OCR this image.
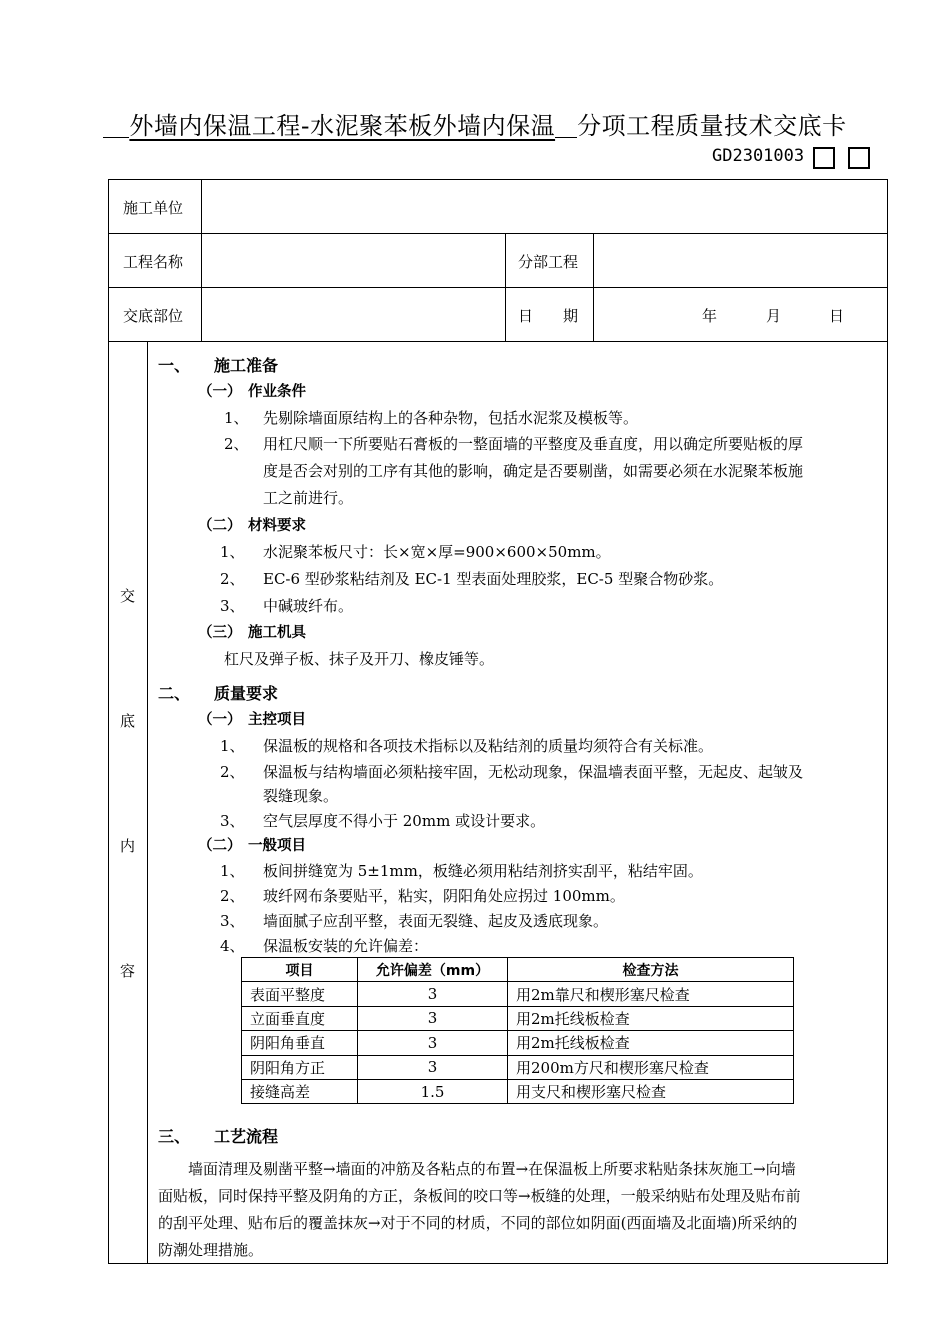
外墙内保温工程-水泥聚苯板外墙内保温 分项工程质量技术交底卡
GD2301003
施工单位
工程名称	分部工程
交底部位	日　　期	年	月	日
交
底
内
容
一、 施工准备
（一） 作业条件
1、 先剔除墙面原结构上的各种杂物，包括水泥浆及模板等。
2、 用杠尺顺一下所要贴石膏板的一整面墙的平整度及垂直度，用以确定所要贴板的厚
度是否会对别的工序有其他的影响，确定是否要剔凿，如需要必须在水泥聚苯板施
工之前进行。
（二） 材料要求
1、 水泥聚苯板尺寸：长×宽×厚=900×600×50mm。
2、 EC-6 型砂浆粘结剂及 EC-1 型表面处理胶浆，EC-5 型聚合物砂浆。
3、 中碱玻纤布。
（三） 施工机具
杠尺及弹子板、抹子及开刀、橡皮锤等。
二、 质量要求
（一） 主控项目
1、 保温板的规格和各项技术指标以及粘结剂的质量均须符合有关标准。
2、 保温板与结构墙面必须粘接牢固，无松动现象，保温墙表面平整，无起皮、起皱及
裂缝现象。
3、 空气层厚度不得小于 20mm 或设计要求。
（二） 一般项目
1、 板间拼缝宽为 5±1mm，板缝必须用粘结剂挤实刮平，粘结牢固。
2、 玻纤网布条要贴平，粘实，阴阳角处应拐过 100mm。
3、 墙面腻子应刮平整，表面无裂缝、起皮及透底现象。
4、 保温板安装的允许偏差：
项目	允许偏差（mm）	检查方法
表面平整度	3	用2m靠尺和楔形塞尺检查
立面垂直度	3	用2m托线板检查
阴阳角垂直	3	用2m托线板检查
阴阳角方正	3	用200m方尺和楔形塞尺检查
接缝高差	1.5	用支尺和楔形塞尺检查
三、 工艺流程
墙面清理及剔凿平整→墙面的冲筋及各粘点的布置→在保温板上所要求粘贴条抹灰施工→向墙
面贴板，同时保持平整及阴角的方正，条板间的咬口等→板缝的处理，一般采纳贴布处理及贴布前
的刮平处理、贴布后的覆盖抹灰→对于不同的材质，不同的部位如阴面(西面墙及北面墙)所采纳的
防潮处理措施。
